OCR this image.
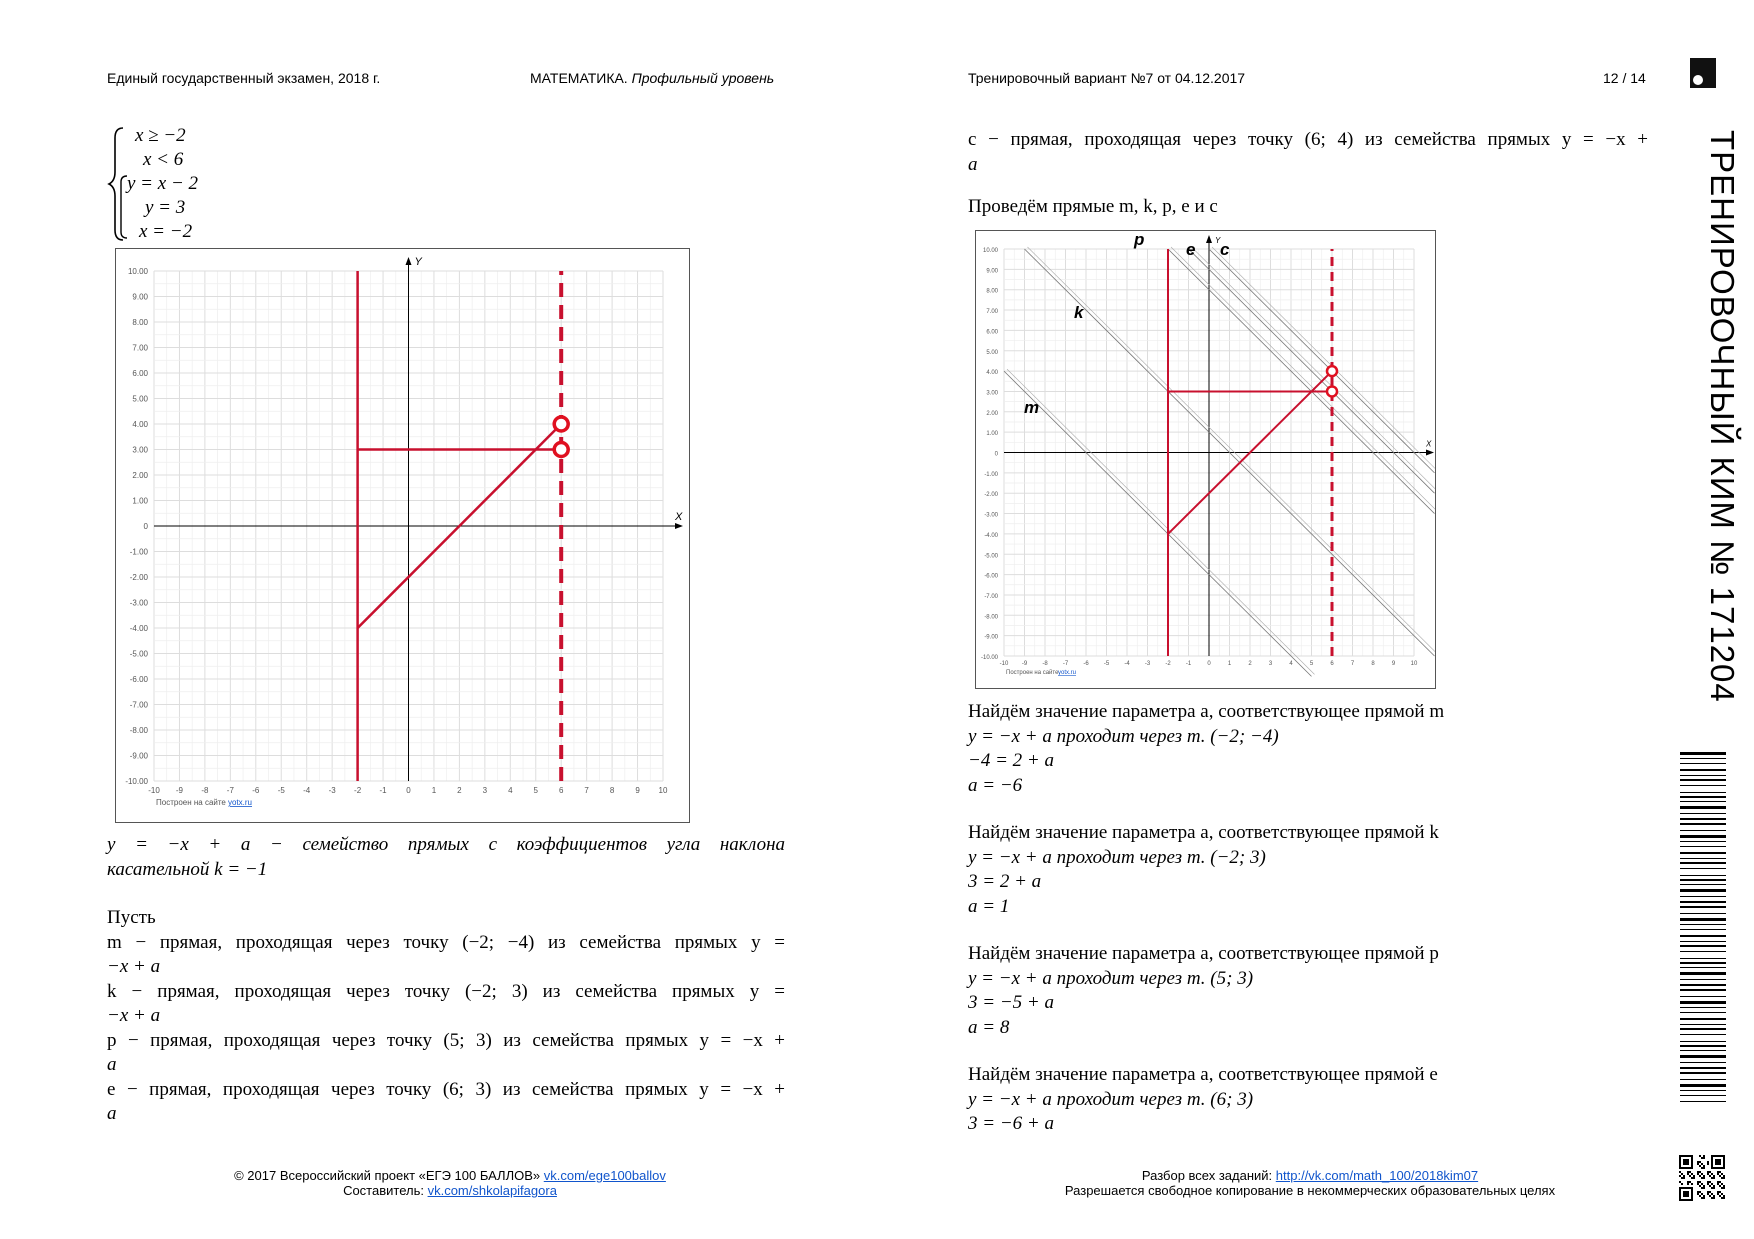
Единый государственный экзамен, 2018 г.	МАТЕМАТИКА. Профильный уровень	Тренировочный вариант №7 от 04.12.2017	12 / 14
ТРЕНИРОВОЧНЫЙ КИМ № 171204
x ≥ −2
x < 6
y = x − 2
y = 3
x = −2
X
Y
10.00
9.00
8.00
7.00
6.00
5.00
4.00
3.00
2.00
1.00
0
-1.00
-2.00
-3.00
-4.00
-5.00
-6.00
-7.00
-8.00
-9.00
-10.00
-10 -9 -8 -7 -6 -5 -4 -3 -2 -1 0	1	2	3	4	5	6	7	8	9 10
Построен на сайте yotx.ru

y = −x + a − семейство прямых с коэффициентов угла наклона

касательной k = −1

Пусть

m − прямая, проходящая через точку (−2; −4) из семейства прямых y =

−x + a

k − прямая, проходящая через точку (−2; 3) из семейства прямых y =

−x + a

p − прямая, проходящая через точку (5; 3) из семейства прямых y = −x +

a

e − прямая, проходящая через точку (6; 3) из семейства прямых y = −x +

a

c − прямая, проходящая через точку (6; 4) из семейства прямых y = −x +

a

Проведём прямые m, k, p, e и c

X
Y
10.00
9.00
8.00
7.00
6.00
5.00
4.00
3.00
2.00
1.00
0
-1.00
-2.00
-3.00
-4.00
-5.00
-6.00
-7.00
-8.00
-9.00
-10.00
-10 -9	-8	-7	-6	-5	-4	-3	-2	-1	0	1	2	3	4	5	6	7	8	9	10
Построен на сайте yotx.ru
m
k
p
e c

Найдём значение параметра a, соответствующее прямой m

y = −x + a проходит через т. (−2; −4)

−4 = 2 + a

a = −6

Найдём значение параметра a, соответствующее прямой k

y = −x + a проходит через т. (−2; 3)

3 = 2 + a

a = 1

Найдём значение параметра a, соответствующее прямой p

y = −x + a проходит через т. (5; 3)

3 = −5 + a

a = 8

Найдём значение параметра a, соответствующее прямой e

y = −x + a проходит через т. (6; 3)

3 = −6 + a

© 2017 Всероссийский проект «ЕГЭ 100 БАЛЛОВ» vk.com/ege100ballov
Составитель: vk.com/shkolapifagora
Разбор всех заданий: http://vk.com/math_100/2018kim07
Разрешается свободное копирование в некоммерческих образовательных целях
